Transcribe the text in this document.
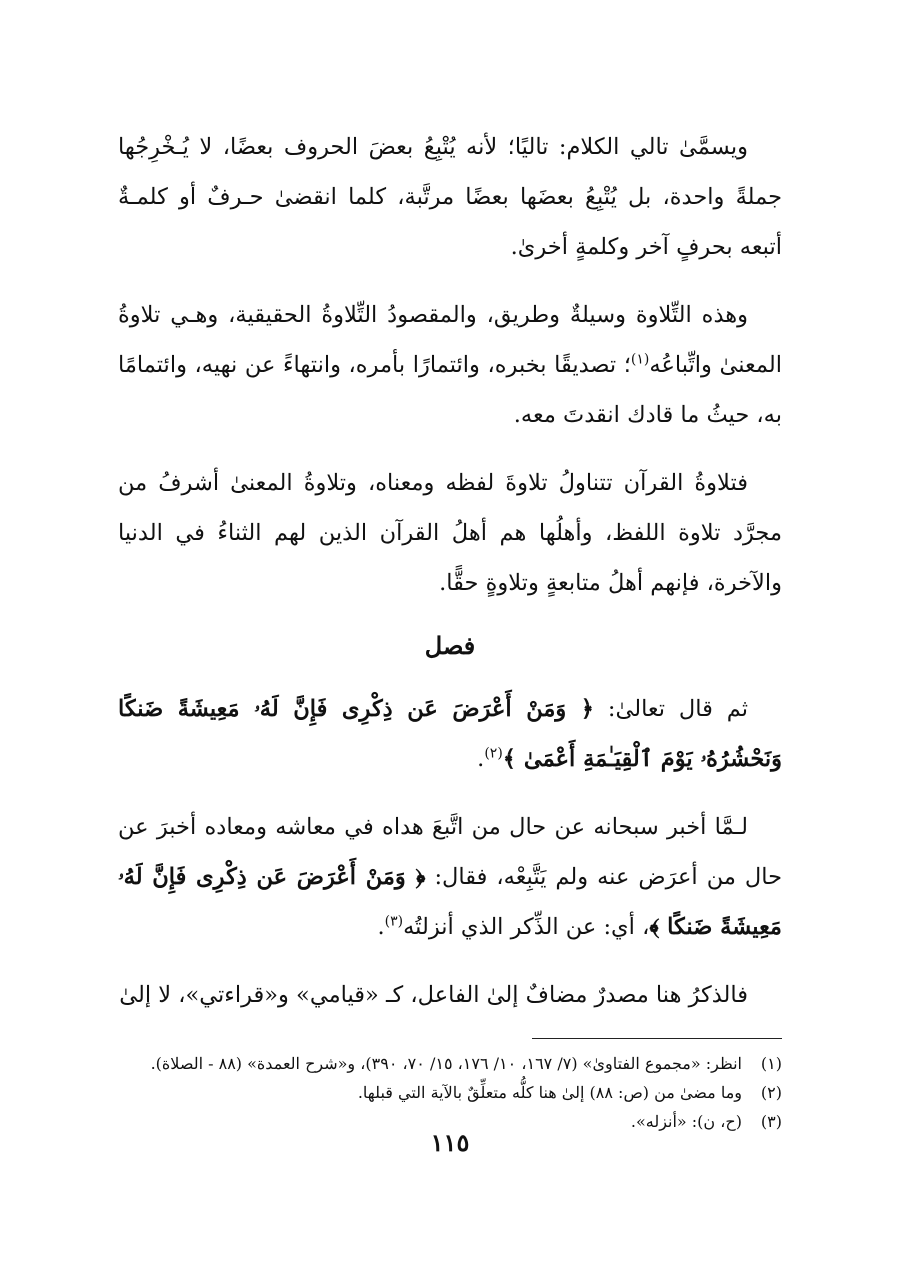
ويسمَّىٰ تالي الكلام: تاليًا؛ لأنه يُتْبِعُ بعضَ الحروف بعضًا، لا يُـخْرِجُها جملةً واحدة، بل يُتْبِعُ بعضَها بعضًا مرتَّبة، كلما انقضىٰ حـرفٌ أو كلمـةٌ أتبعه بحرفٍ آخر وكلمةٍ أخرىٰ.

وهذه التِّلاوة وسيلةٌ وطريق، والمقصودُ التِّلاوةُ الحقيقية، وهـي تلاوةُ المعنىٰ واتِّباعُه$^{(١)}$؛ تصديقًا بخبره، وائتمارًا بأمره، وانتهاءً عن نهيه، وائتمامًا به، حيثُ ما قادك انقدتَ معه.

فتلاوةُ القرآن تتناولُ تلاوةَ لفظه ومعناه، وتلاوةُ المعنىٰ أشرفُ من مجرَّد تلاوة اللفظ، وأهلُها هم أهلُ القرآن الذين لهم الثناءُ في الدنيا والآخرة، فإنهم أهلُ متابعةٍ وتلاوةٍ حقًّا.

فصل

ثم قال تعالىٰ: ﴿ وَمَنْ أَعْرَضَ عَن ذِكْرِى فَإِنَّ لَهُۥ مَعِيشَةً ضَنكًا وَنَحْشُرُهُۥ يَوْمَ ٱلْقِيَـٰمَةِ أَعْمَىٰ ﴾$^{(٢)}$.

لـمَّا أخبر سبحانه عن حال من اتَّبعَ هداه في معاشه ومعاده أخبرَ عن حال من أعرَض عنه ولم يَتَّبِعْه، فقال: ﴿ وَمَنْ أَعْرَضَ عَن ذِكْرِى فَإِنَّ لَهُۥ مَعِيشَةً ضَنكًا ﴾، أي: عن الذِّكر الذي أنزلتُه$^{(٣)}$.

فالذكرُ هنا مصدرٌ مضافٌ إلىٰ الفاعل، كـ «قيامي» و«قراءتي»، لا إلىٰ

(١)
انظر: «مجموع الفتاوىٰ» (٧/ ١٦٧، ١٠/ ١٧٦، ١٥/ ٧٠، ٣٩٠)، و«شرح العمدة» (٨٨ - الصلاة).
(٢)
وما مضىٰ من (ص: ٨٨) إلىٰ هنا كلُّه متعلِّقٌ بالآية التي قبلها.
(٣)
(ح، ن): «أنزله».
١١٥
